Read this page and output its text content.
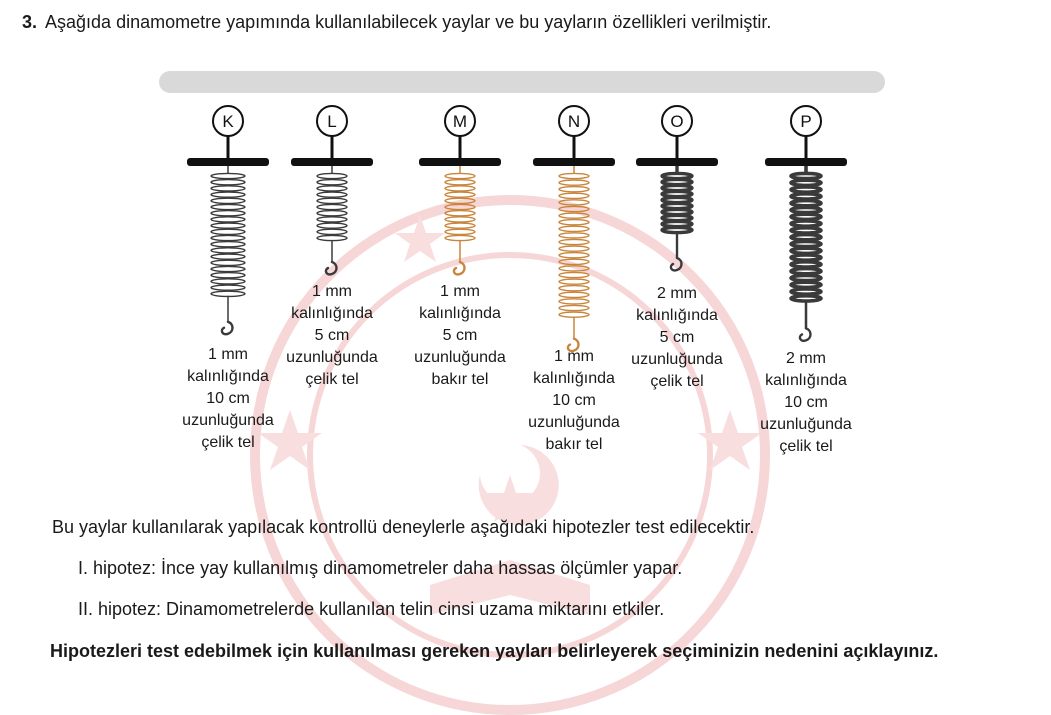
3. Aşağıda dinamometre yapımında kullanılabilecek yaylar ve bu yayların özellikleri verilmiştir.
K	L	M	N	O	P
1 mm
kalınlığında
10 cm
uzunluğunda
çelik tel
1 mm
kalınlığında
5 cm
uzunluğunda
çelik tel
1 mm
kalınlığında
5 cm
uzunluğunda
bakır tel
1 mm
kalınlığında
10 cm
uzunluğunda
bakır tel
2 mm
kalınlığında
5 cm
uzunluğunda
çelik tel
2 mm
kalınlığında
10 cm
uzunluğunda
çelik tel
Bu yaylar kullanılarak yapılacak kontrollü deneylerle aşağıdaki hipotezler test edilecektir.
I. hipotez: İnce yay kullanılmış dinamometreler daha hassas ölçümler yapar.
II. hipotez: Dinamometrelerde kullanılan telin cinsi uzama miktarını etkiler.
Hipotezleri test edebilmek için kullanılması gereken yayları belirleyerek seçiminizin nedenini açıklayınız.
